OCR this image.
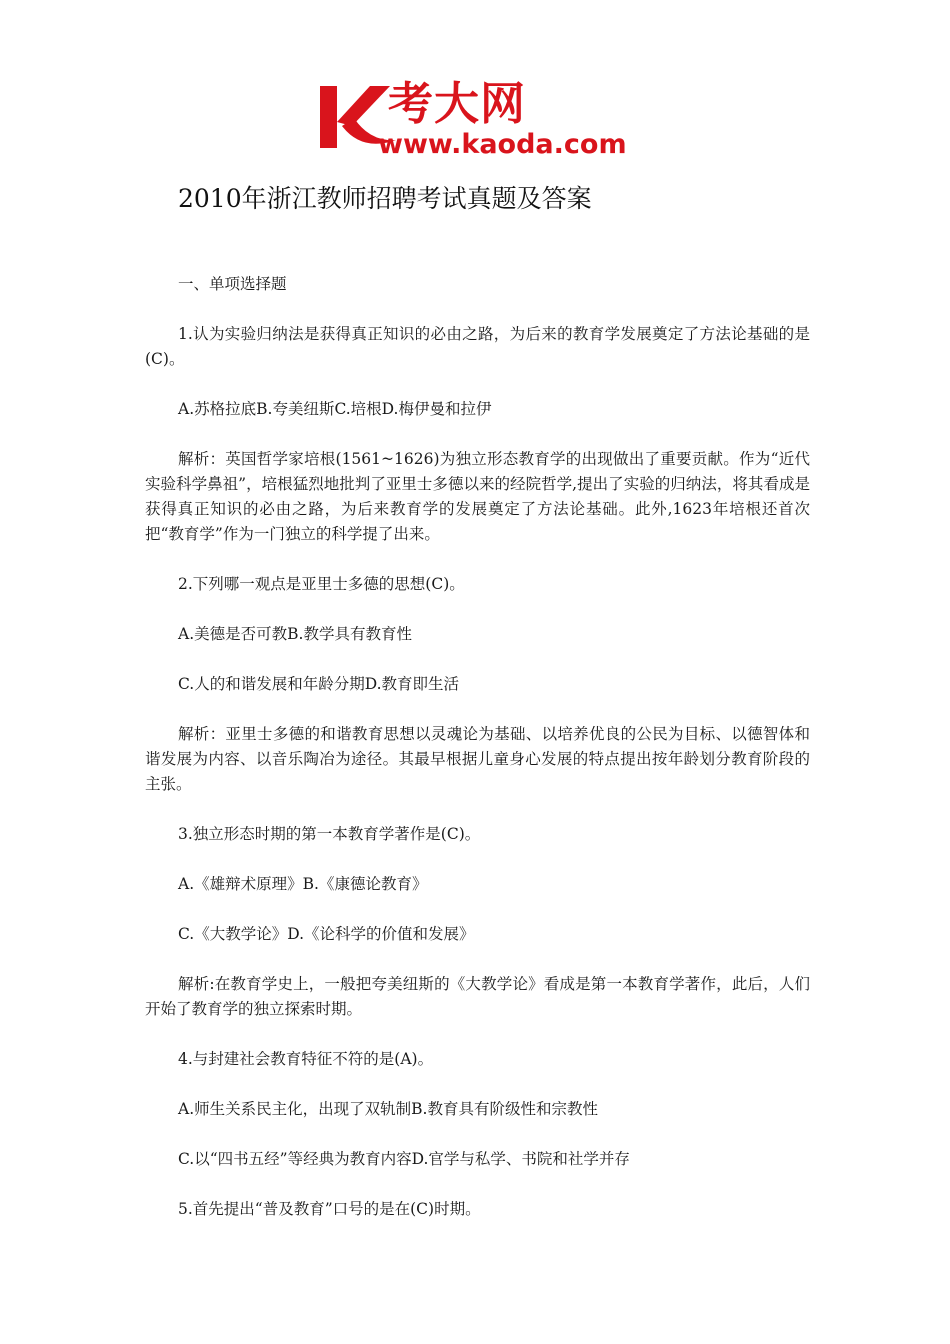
考大网
www.kaoda.com
2010年浙江教师招聘考试真题及答案

一、单项选择题

1.认为实验归纳法是获得真正知识的必由之路，为后来的教育学发展奠定了方法论基础的是(C)。

A.苏格拉底B.夸美纽斯C.培根D.梅伊曼和拉伊

解析：英国哲学家培根(1561~1626)为独立形态教育学的出现做出了重要贡献。作为“近代实验科学鼻祖”，培根猛烈地批判了亚里士多德以来的经院哲学,提出了实验的归纳法，将其看成是获得真正知识的必由之路，为后来教育学的发展奠定了方法论基础。此外,1623年培根还首次把“教育学”作为一门独立的科学提了出来。

2.下列哪一观点是亚里士多德的思想(C)。

A.美德是否可教B.教学具有教育性

C.人的和谐发展和年龄分期D.教育即生活

解析：亚里士多德的和谐教育思想以灵魂论为基础、以培养优良的公民为目标、以德智体和谐发展为内容、以音乐陶冶为途径。其最早根据儿童身心发展的特点提出按年龄划分教育阶段的主张。

3.独立形态时期的第一本教育学著作是(C)。

A.《雄辩术原理》B.《康德论教育》

C.《大教学论》D.《论科学的价值和发展》

解析:在教育学史上，一般把夸美纽斯的《大教学论》看成是第一本教育学著作，此后，人们开始了教育学的独立探索时期。

4.与封建社会教育特征不符的是(A)。

A.师生关系民主化，出现了双轨制B.教育具有阶级性和宗教性

C.以“四书五经”等经典为教育内容D.官学与私学、书院和社学并存

5.首先提出“普及教育”口号的是在(C)时期。
